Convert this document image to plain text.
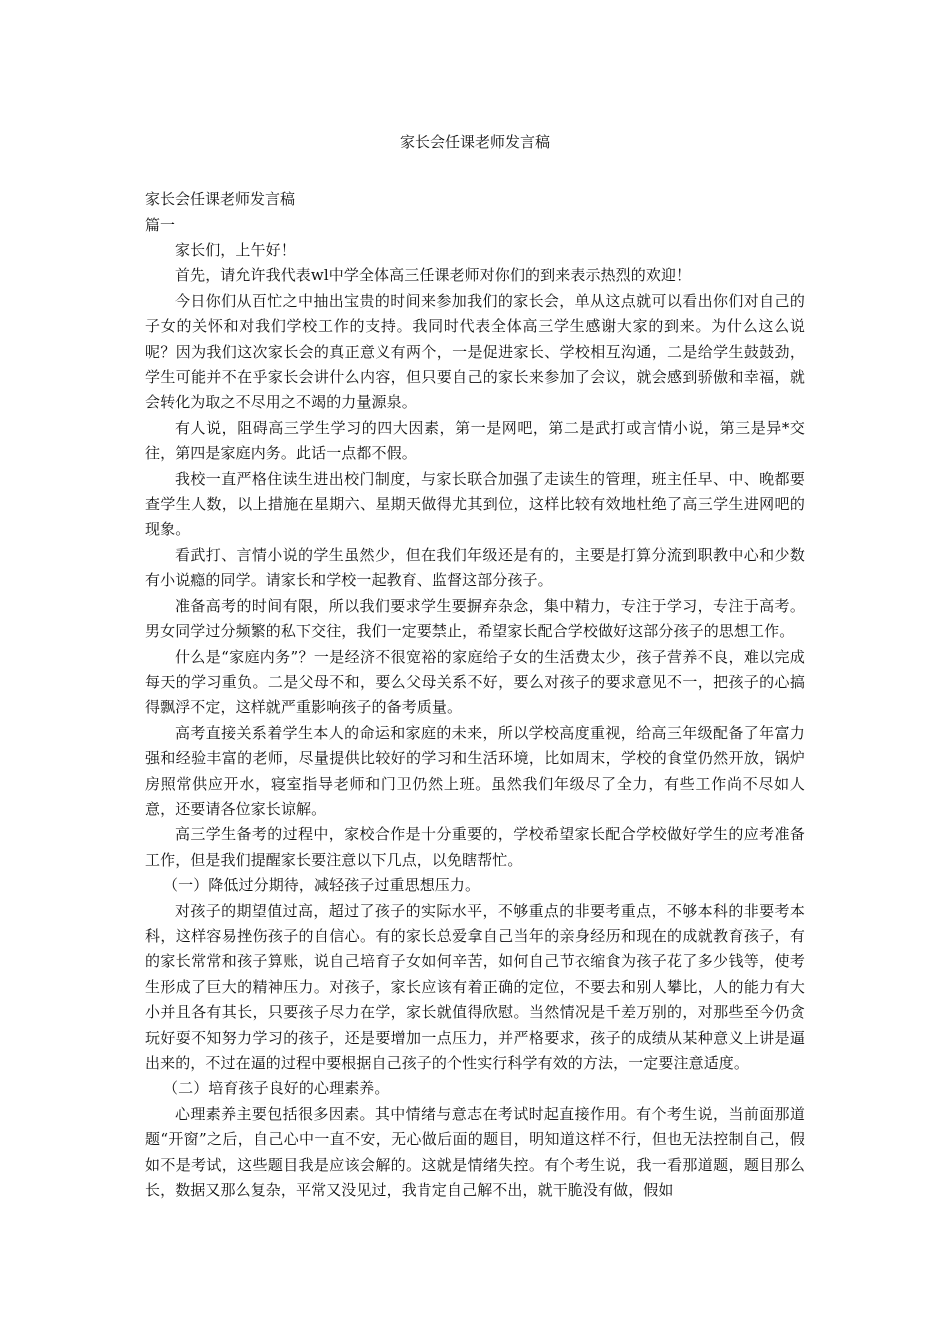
家长会任课老师发言稿
家长会任课老师发言稿
篇一

家长们，上午好！

首先，请允许我代表wl中学全体高三任课老师对你们的到来表示热烈的欢迎！

今日你们从百忙之中抽出宝贵的时间来参加我们的家长会，单从这点就可以看出你们对自己的子女的关怀和对我们学校工作的支持。我同时代表全体高三学生感谢大家的到来。为什么这么说呢？因为我们这次家长会的真正意义有两个，一是促进家长、学校相互沟通，二是给学生鼓鼓劲，学生可能并不在乎家长会讲什么内容，但只要自己的家长来参加了会议，就会感到骄傲和幸福，就会转化为取之不尽用之不竭的力量源泉。

有人说，阻碍高三学生学习的四大因素，第一是网吧，第二是武打或言情小说，第三是异*交往，第四是家庭内务。此话一点都不假。

我校一直严格住读生进出校门制度，与家长联合加强了走读生的管理，班主任早、中、晚都要查学生人数，以上措施在星期六、星期天做得尤其到位，这样比较有效地杜绝了高三学生进网吧的现象。

看武打、言情小说的学生虽然少，但在我们年级还是有的，主要是打算分流到职教中心和少数有小说瘾的同学。请家长和学校一起教育、监督这部分孩子。

准备高考的时间有限，所以我们要求学生要摒弃杂念，集中精力，专注于学习，专注于高考。男女同学过分频繁的私下交往，我们一定要禁止，希望家长配合学校做好这部分孩子的思想工作。

什么是“家庭内务”？一是经济不很宽裕的家庭给子女的生活费太少，孩子营养不良，难以完成每天的学习重负。二是父母不和，要么父母关系不好，要么对孩子的要求意见不一，把孩子的心搞得飘浮不定，这样就严重影响孩子的备考质量。

高考直接关系着学生本人的命运和家庭的未来，所以学校高度重视，给高三年级配备了年富力强和经验丰富的老师，尽量提供比较好的学习和生活环境，比如周末，学校的食堂仍然开放，锅炉房照常供应开水，寝室指导老师和门卫仍然上班。虽然我们年级尽了全力，有些工作尚不尽如人意，还要请各位家长谅解。

高三学生备考的过程中，家校合作是十分重要的，学校希望家长配合学校做好学生的应考准备工作，但是我们提醒家长要注意以下几点，以免瞎帮忙。

（一）降低过分期待，减轻孩子过重思想压力。

对孩子的期望值过高，超过了孩子的实际水平，不够重点的非要考重点，不够本科的非要考本科，这样容易挫伤孩子的自信心。有的家长总爱拿自己当年的亲身经历和现在的成就教育孩子，有的家长常常和孩子算账，说自己培育子女如何辛苦，如何自己节衣缩食为孩子花了多少钱等，使考生形成了巨大的精神压力。对孩子，家长应该有着正确的定位，不要去和别人攀比，人的能力有大小并且各有其长，只要孩子尽力在学，家长就值得欣慰。当然情况是千差万别的，对那些至今仍贪玩好耍不知努力学习的孩子，还是要增加一点压力，并严格要求，孩子的成绩从某种意义上讲是逼出来的，不过在逼的过程中要根据自己孩子的个性实行科学有效的方法，一定要注意适度。

（二）培育孩子良好的心理素养。

心理素养主要包括很多因素。其中情绪与意志在考试时起直接作用。有个考生说，当前面那道题“开窗”之后，自己心中一直不安，无心做后面的题目，明知道这样不行，但也无法控制自己，假如不是考试，这些题目我是应该会解的。这就是情绪失控。有个考生说，我一看那道题，题目那么长，数据又那么复杂，平常又没见过，我肯定自己解不出，就干脆没有做，假如
